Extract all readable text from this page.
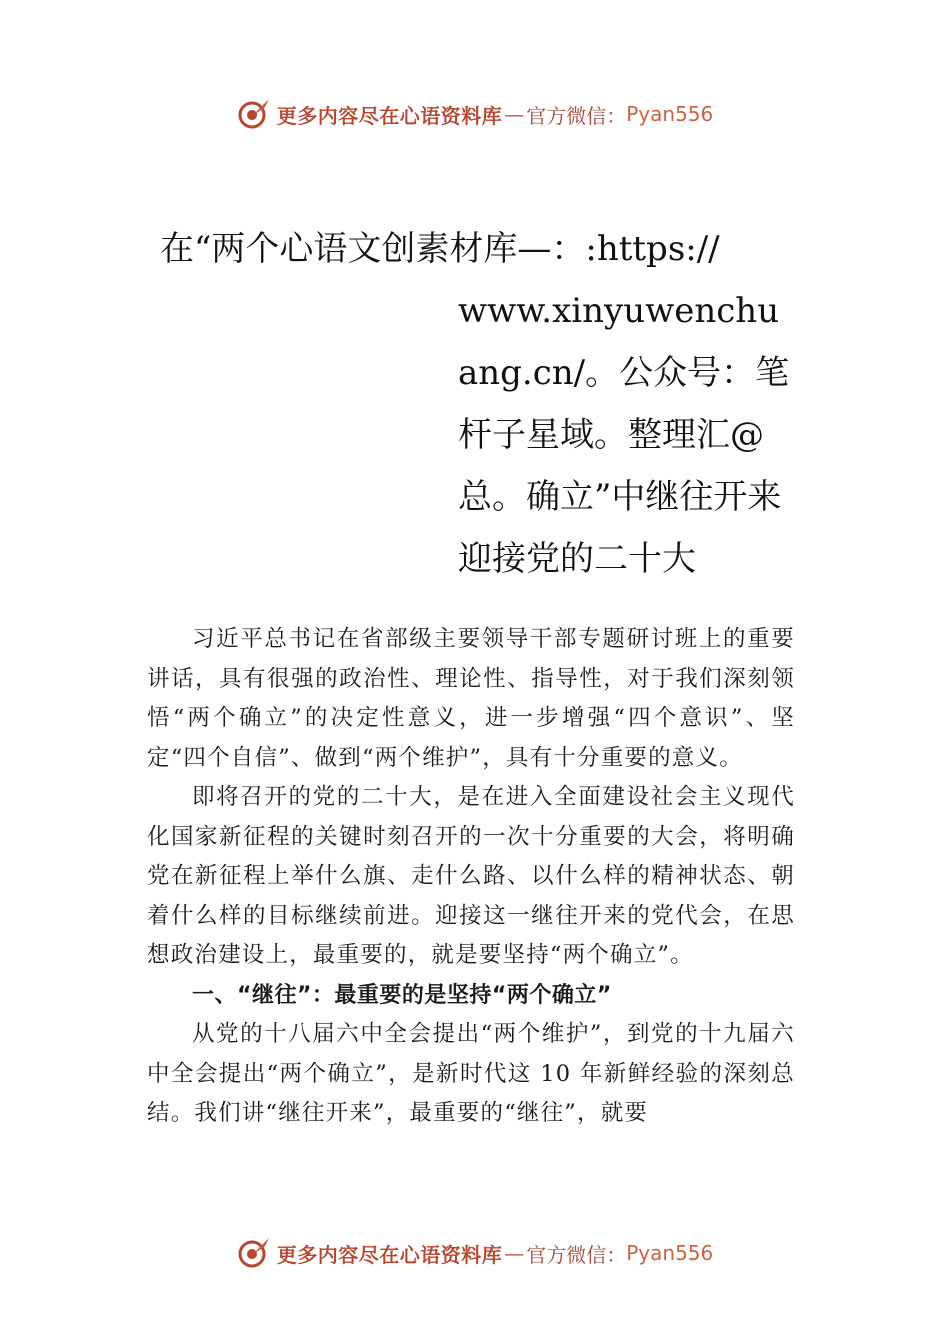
更多内容尽在心语资料库 — 官方微信： Pyan556
在“两个心语文创素材库—：:https://
www.xinyuwenchuang.cn/。公众号：笔杆子星域。整理汇@总。确立”中继往开来迎接党的二十大

习近平总书记在省部级主要领导干部专题研讨班上的重要讲话，具有很强的政治性、理论性、指导性，对于我们深刻领悟“两个确立”的决定性意义，进一步增强“四个意识”、坚定“四个自信”、做到“两个维护”，具有十分重要的意义。

即将召开的党的二十大，是在进入全面建设社会主义现代化国家新征程的关键时刻召开的一次十分重要的大会，将明确党在新征程上举什么旗、走什么路、以什么样的精神状态、朝着什么样的目标继续前进。迎接这一继往开来的党代会，在思想政治建设上，最重要的，就是要坚持“两个确立”。

一、“继往”：最重要的是坚持“两个确立”

从党的十八届六中全会提出“两个维护”，到党的十九届六中全会提出“两个确立”，是新时代这 10 年新鲜经验的深刻总结。我们讲“继往开来”，最重要的“继往”，就要

更多内容尽在心语资料库 — 官方微信： Pyan556
